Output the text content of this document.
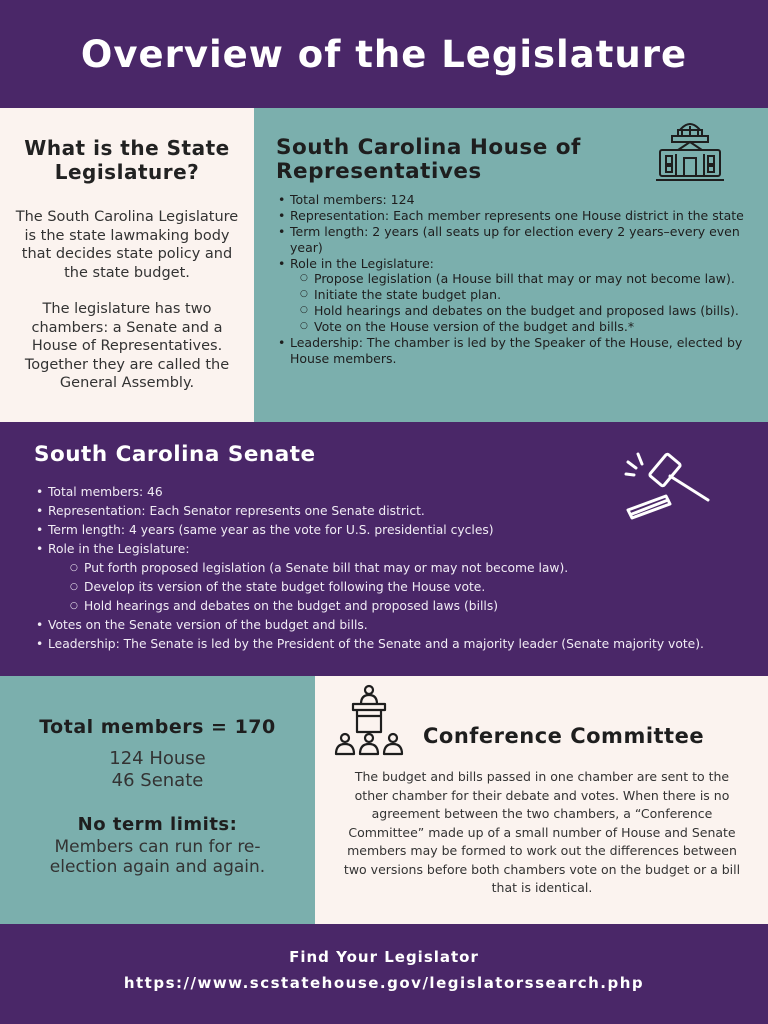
Overview of the Legislature
What is the State Legislature?

The South Carolina Legislature is the state lawmaking body that decides state policy and the state budget.

The legislature has two chambers: a Senate and a House of Representatives. Together they are called the General Assembly.

South Carolina House of Representatives
• Total members: 124
• Representation: Each member represents one House district in the state
• Term length: 2 years (all seats up for election every 2 years–every even year)
• Role in the Legislature:
○ Propose legislation (a House bill that may or may not become law).
○ Initiate the state budget plan.
○ Hold hearings and debates on the budget and proposed laws (bills).
○ Vote on the House version of the budget and bills.*
• Leadership: The chamber is led by the Speaker of the House, elected by House members.
South Carolina Senate
• Total members: 46
• Representation: Each Senator represents one Senate district.
• Term length: 4 years (same year as the vote for U.S. presidential cycles)
• Role in the Legislature:
○ Put forth proposed legislation (a Senate bill that may or may not become law).
○ Develop its version of the state budget following the House vote.
○ Hold hearings and debates on the budget and proposed laws (bills)
• Votes on the Senate version of the budget and bills.
• Leadership: The Senate is led by the President of the Senate and a majority leader (Senate majority vote).
Total members = 170
124 House
46 Senate
No term limits:
Members can run for re-election again and again.
Conference Committee

The budget and bills passed in one chamber are sent to the other chamber for their debate and votes. When there is no agreement between the two chambers, a “Conference Committee” made up of a small number of House and Senate members may be formed to work out the differences between two versions before both chambers vote on the budget or a bill that is identical.

Find Your Legislator
https://www.scstatehouse.gov/legislatorssearch.php
